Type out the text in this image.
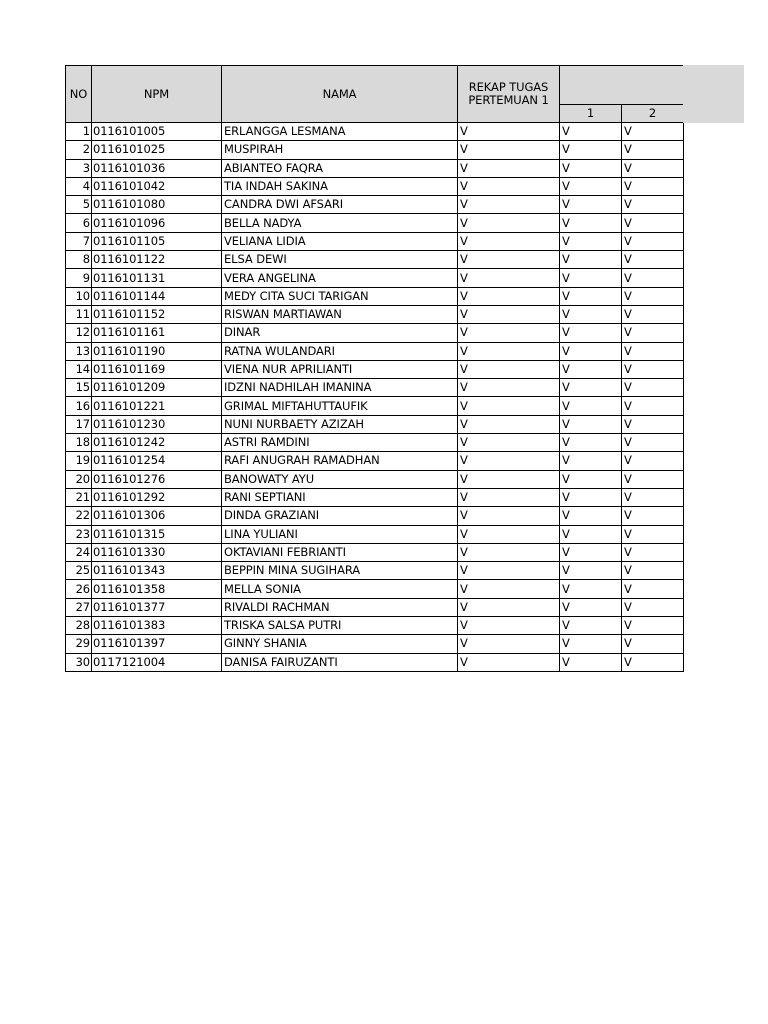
NO	NPM	NAMA	REKAP TUGAS
PERTEMUAN 1		
				1	2
1	0116101005	ERLANGGA LESMANA	V	V	V
2	0116101025	MUSPIRAH	V	V	V
3	0116101036	ABIANTEO FAQRA	V	V	V
4	0116101042	TIA INDAH SAKINA	V	V	V
5	0116101080	CANDRA DWI AFSARI	V	V	V
6	0116101096	BELLA NADYA	V	V	V
7	0116101105	VELIANA LIDIA	V	V	V
8	0116101122	ELSA DEWI	V	V	V
9	0116101131	VERA ANGELINA	V	V	V
10	0116101144	MEDY CITA SUCI TARIGAN	V	V	V
11	0116101152	RISWAN MARTIAWAN	V	V	V
12	0116101161	DINAR	V	V	V
13	0116101190	RATNA WULANDARI	V	V	V
14	0116101169	VIENA NUR APRILIANTI	V	V	V
15	0116101209	IDZNI NADHILAH IMANINA	V	V	V
16	0116101221	GRIMAL MIFTAHUTTAUFIK	V	V	V
17	0116101230	NUNI NURBAETY AZIZAH	V	V	V
18	0116101242	ASTRI RAMDINI	V	V	V
19	0116101254	RAFI ANUGRAH RAMADHAN	V	V	V
20	0116101276	BANOWATY AYU	V	V	V
21	0116101292	RANI SEPTIANI	V	V	V
22	0116101306	DINDA GRAZIANI	V	V	V
23	0116101315	LINA YULIANI	V	V	V
24	0116101330	OKTAVIANI FEBRIANTI	V	V	V
25	0116101343	BEPPIN MINA SUGIHARA	V	V	V
26	0116101358	MELLA SONIA	V	V	V
27	0116101377	RIVALDI RACHMAN	V	V	V
28	0116101383	TRISKA SALSA PUTRI	V	V	V
29	0116101397	GINNY SHANIA	V	V	V
30	0117121004	DANISA FAIRUZANTI	V	V	V
